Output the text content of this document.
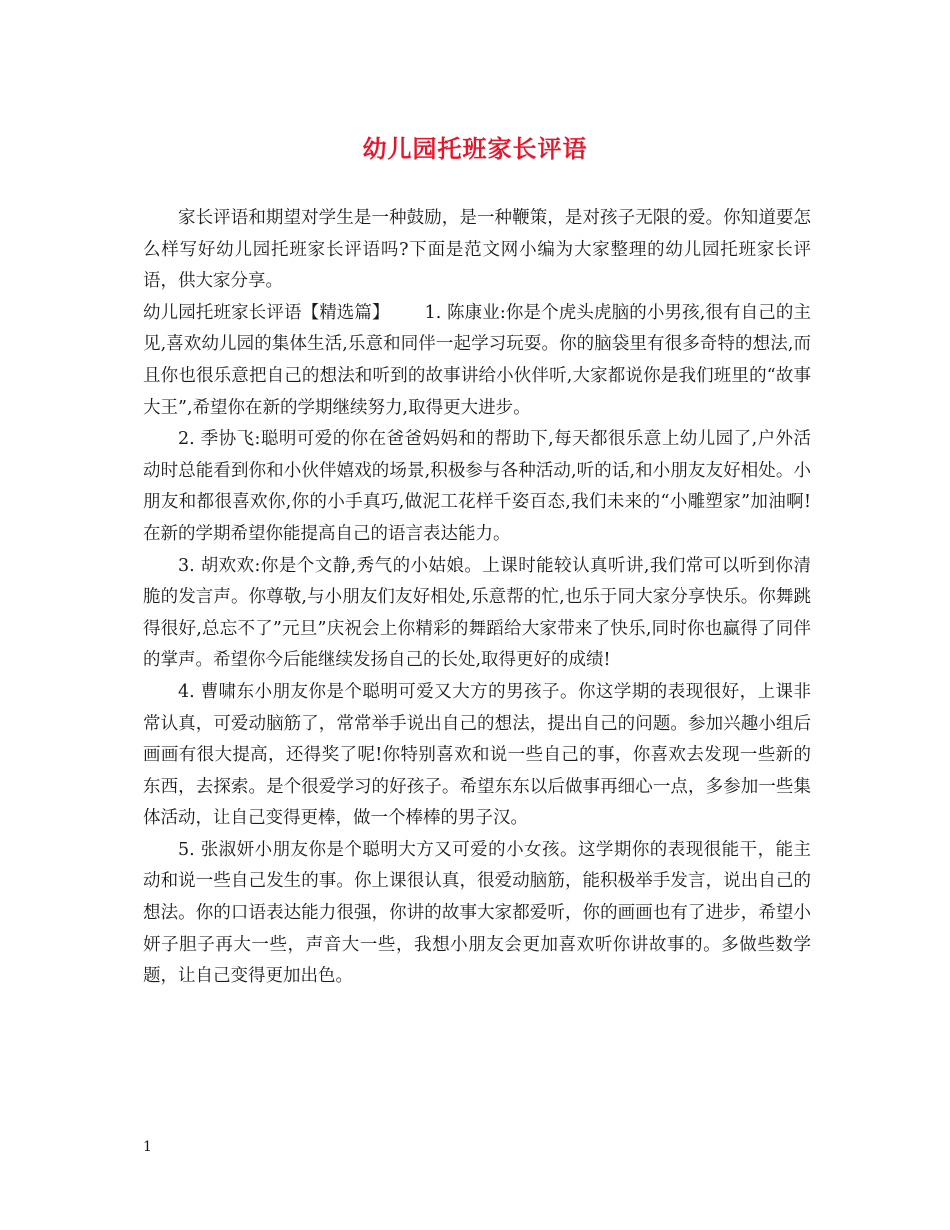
幼儿园托班家长评语

家长评语和期望对学生是一种鼓励，是一种鞭策，是对孩子无限的爱。你知道要怎么样写好幼儿园托班家长评语吗?下面是范文网小编为大家整理的幼儿园托班家长评语，供大家分享。

幼儿园托班家长评语【精选篇】   1. 陈康业:你是个虎头虎脑的小男孩,很有自己的主见,喜欢幼儿园的集体生活,乐意和同伴一起学习玩耍。你的脑袋里有很多奇特的想法,而且你也很乐意把自己的想法和听到的故事讲给小伙伴听,大家都说你是我们班里的“故事大王”,希望你在新的学期继续努力,取得更大进步。

2. 季协飞:聪明可爱的你在爸爸妈妈和的帮助下,每天都很乐意上幼儿园了,户外活动时总能看到你和小伙伴嬉戏的场景,积极参与各种活动,听的话,和小朋友友好相处。小朋友和都很喜欢你,你的小手真巧,做泥工花样千姿百态,我们未来的“小雕塑家”加油啊!在新的学期希望你能提高自己的语言表达能力。

3. 胡欢欢:你是个文静,秀气的小姑娘。上课时能较认真听讲,我们常可以听到你清脆的发言声。你尊敬,与小朋友们友好相处,乐意帮的忙,也乐于同大家分享快乐。你舞跳得很好,总忘不了”元旦”庆祝会上你精彩的舞蹈给大家带来了快乐,同时你也赢得了同伴的掌声。希望你今后能继续发扬自己的长处,取得更好的成绩!

4. 曹啸东小朋友你是个聪明可爱又大方的男孩子。你这学期的表现很好，上课非常认真，可爱动脑筋了，常常举手说出自己的想法，提出自己的问题。参加兴趣小组后画画有很大提高，还得奖了呢!你特别喜欢和说一些自己的事，你喜欢去发现一些新的东西，去探索。是个很爱学习的好孩子。希望东东以后做事再细心一点，多参加一些集体活动，让自己变得更棒，做一个棒棒的男子汉。

5. 张淑妍小朋友你是个聪明大方又可爱的小女孩。这学期你的表现很能干，能主动和说一些自己发生的事。你上课很认真，很爱动脑筋，能积极举手发言，说出自己的想法。你的口语表达能力很强，你讲的故事大家都爱听，你的画画也有了进步，希望小妍子胆子再大一些，声音大一些，我想小朋友会更加喜欢听你讲故事的。多做些数学题，让自己变得更加出色。

1
